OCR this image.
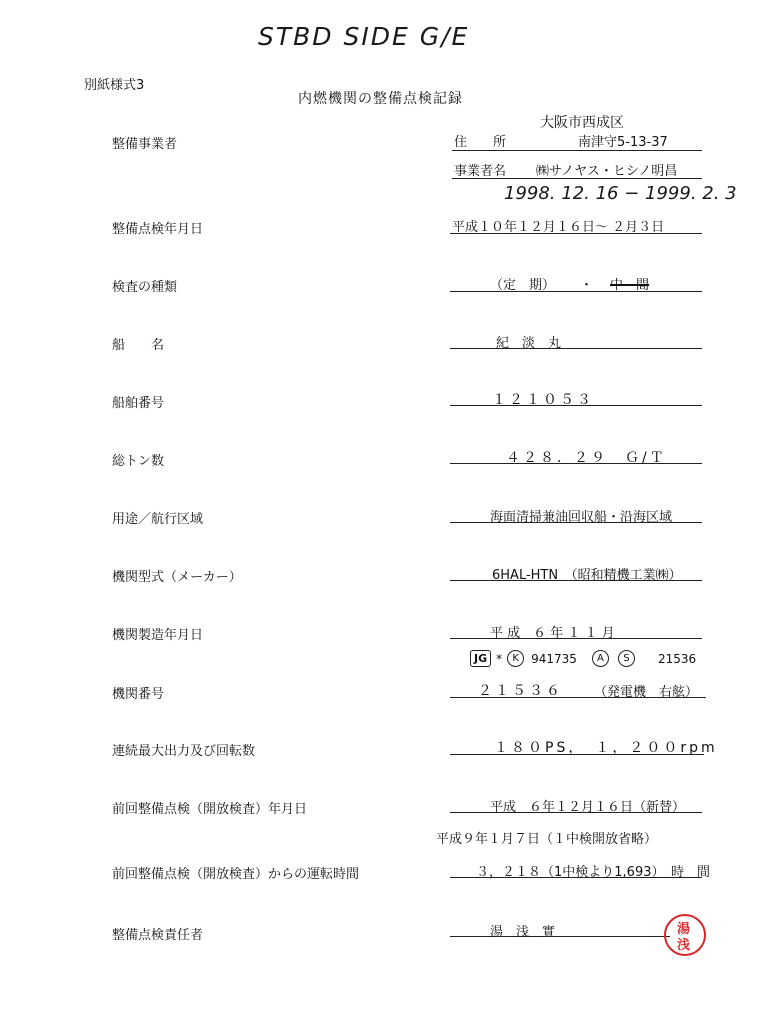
STBD SIDE G/E
別紙様式3
内燃機関の整備点検記録
整備事業者
大阪市西成区
住　　所	南津守5-13-37
事業者名 ㈱サノヤス・ヒシノ明昌
1998. 12. 16 − 1999. 2. 3
整備点検年月日	平成１０年１２月１６日〜 ２月３日
検査の種類	（定　期） ・ 中　間
船　　名	紀　淡　丸
船舶番号	１２１０５３
総トン数	４２８．２９　Ｇ/Ｔ
用途／航行区域	海面清掃兼油回収船・沿海区域
機関型式（メーカー）	6HAL-HTN　（昭和精機工業㈱）
機関製造年月日	平 成　６ 年 １ １ 月
JG *	K	941735	A	S	21536
機関番号	２１５３６ （発電機　右舷）
連続最大出力及び回転数	１８０PS，　１，２００rpm
前回整備点検（開放検査）年月日	平成　６年１２月１６日（新替）
平成９年１月７日（１中検開放省略）
前回整備点検（開放検査）からの運転時間	３，２１８（1中検より1,693）　時　間
整備点検責任者	湯　浅　實	湯
浅
